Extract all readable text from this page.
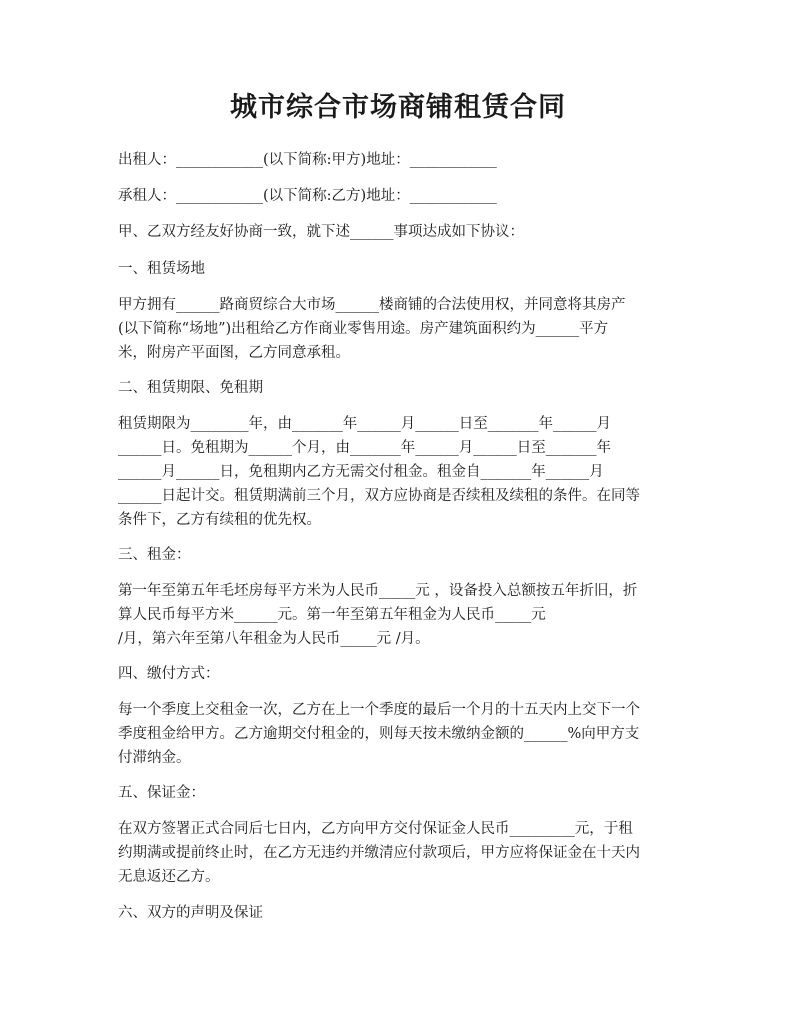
城市综合市场商铺租赁合同

出租人：____________(以下简称:甲方)地址：____________

承租人：____________(以下简称:乙方)地址：____________

甲、乙双方经友好协商一致，就下述______事项达成如下协议：

一、租赁场地

甲方拥有______路商贸综合大市场______楼商铺的合法使用权，并同意将其房产

(以下简称“场地”)出租给乙方作商业零售用途。房产建筑面积约为______平方

米，附房产平面图，乙方同意承租。

二、租赁期限、免租期

租赁期限为________年，由_______年______月______日至_______年______月

______日。免租期为______个月，由_______年______月______日至_______年

______月______日，免租期内乙方无需交付租金。租金自_______年______月

______日起计交。租赁期满前三个月，双方应协商是否续租及续租的条件。在同等

条件下，乙方有续租的优先权。

三、租金：

第一年至第五年毛坯房每平方米为人民币_____元 ，设备投入总额按五年折旧，折

算人民币每平方米______元。第一年至第五年租金为人民币_____元

/月，第六年至第八年租金为人民币_____元 /月。

四、缴付方式：

每一个季度上交租金一次，乙方在上一个季度的最后一个月的十五天内上交下一个

季度租金给甲方。乙方逾期交付租金的，则每天按未缴纳金额的______%向甲方支

付滞纳金。

五、保证金：

在双方签署正式合同后七日内，乙方向甲方交付保证金人民币_________元，于租

约期满或提前终止时，在乙方无违约并缴清应付款项后，甲方应将保证金在十天内

无息返还乙方。

六、双方的声明及保证
